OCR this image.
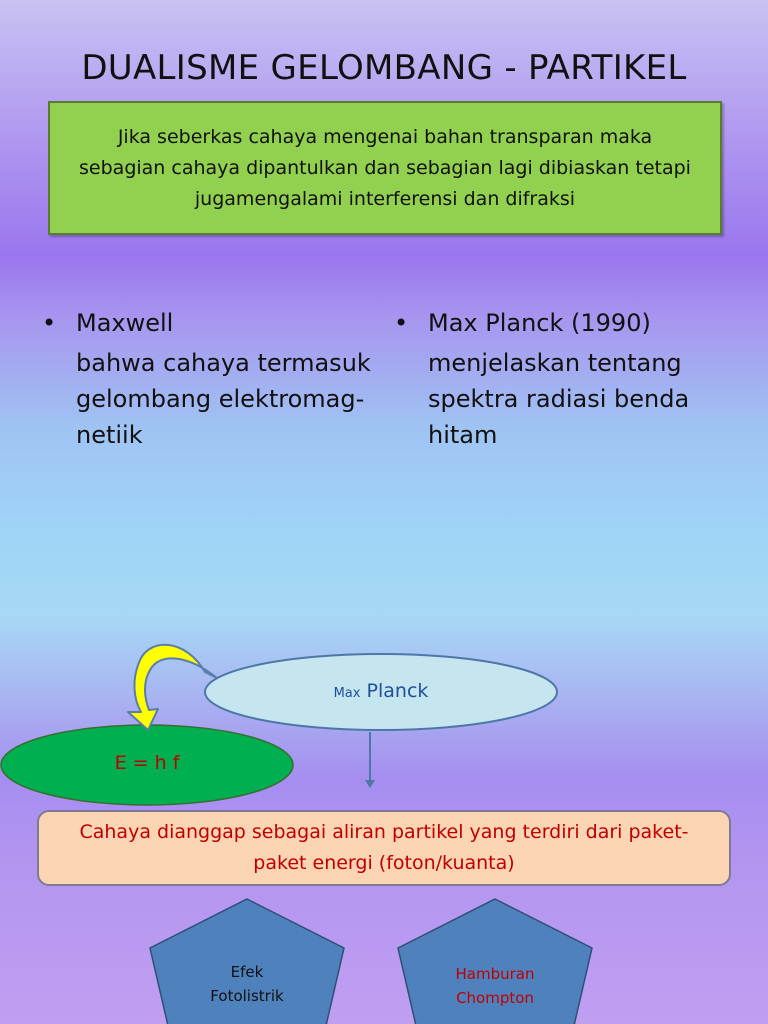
DUALISME GELOMBANG - PARTIKEL
Jika seberkas cahaya mengenai bahan transparan maka
sebagian cahaya dipantulkan dan sebagian lagi dibiaskan tetapi
jugamengalami interferensi dan difraksi
• Maxwell
bahwa cahaya termasuk
gelombang elektromag-
netiik
• Max Planck (1990)
menjelaskan tentang
spektra radiasi benda
hitam
Max Planck
E = h f
Cahaya dianggap sebagai aliran partikel yang terdiri dari paket-
paket energi (foton/kuanta)
Efek
Fotolistrik
Hamburan
Chompton
